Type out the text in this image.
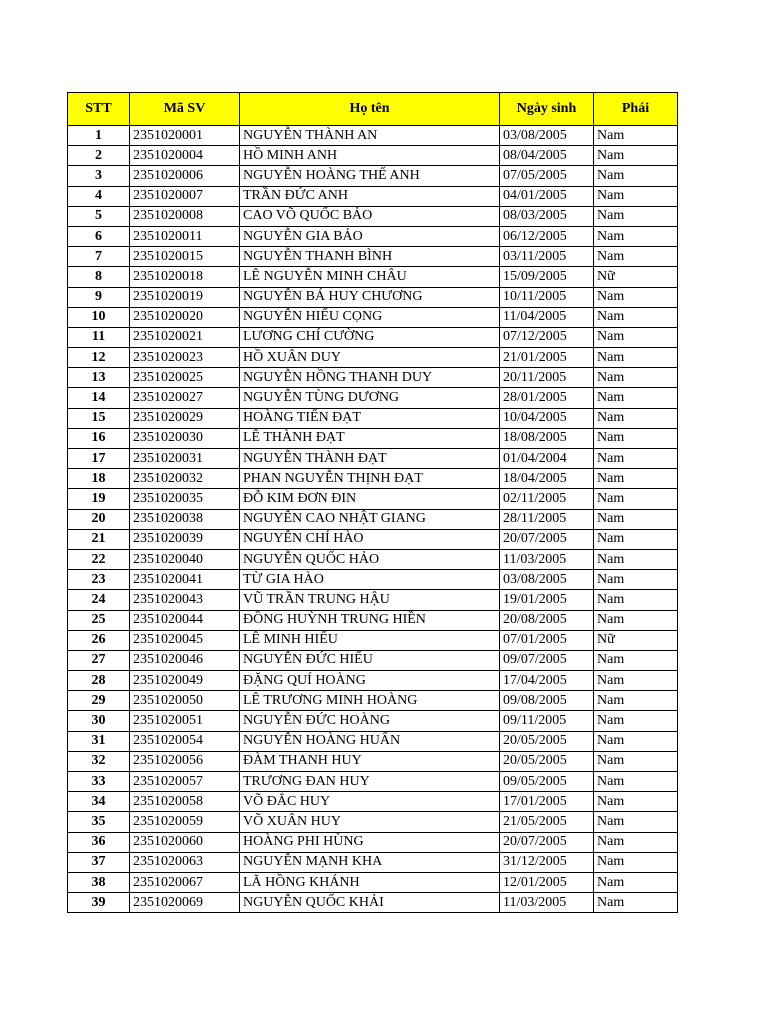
STT	Mã SV	Họ tên	Ngày sinh	Phái
1	2351020001	NGUYỄN THÀNH AN	03/08/2005	Nam
2	2351020004	HỒ MINH ANH	08/04/2005	Nam
3	2351020006	NGUYỄN HOÀNG THẾ ANH	07/05/2005	Nam
4	2351020007	TRẦN ĐỨC ANH	04/01/2005	Nam
5	2351020008	CAO VÕ QUỐC BẢO	08/03/2005	Nam
6	2351020011	NGUYỄN GIA BẢO	06/12/2005	Nam
7	2351020015	NGUYỄN THANH BÌNH	03/11/2005	Nam
8	2351020018	LÊ NGUYỄN MINH CHÂU	15/09/2005	Nữ
9	2351020019	NGUYỄN BÁ HUY CHƯƠNG	10/11/2005	Nam
10	2351020020	NGUYỄN HIẾU CỌNG	11/04/2005	Nam
11	2351020021	LƯƠNG CHÍ CƯỜNG	07/12/2005	Nam
12	2351020023	HỒ XUÂN DUY	21/01/2005	Nam
13	2351020025	NGUYỄN HỒNG THANH DUY	20/11/2005	Nam
14	2351020027	NGUYỄN TÙNG DƯƠNG	28/01/2005	Nam
15	2351020029	HOÀNG TIẾN ĐẠT	10/04/2005	Nam
16	2351020030	LÊ THÀNH ĐẠT	18/08/2005	Nam
17	2351020031	NGUYỄN THÀNH ĐẠT	01/04/2004	Nam
18	2351020032	PHAN NGUYỄN THỊNH ĐẠT	18/04/2005	Nam
19	2351020035	ĐỖ KIM ĐƠN ĐIN	02/11/2005	Nam
20	2351020038	NGUYỄN CAO NHẬT GIANG	28/11/2005	Nam
21	2351020039	NGUYỄN CHÍ HÀO	20/07/2005	Nam
22	2351020040	NGUYỄN QUỐC HẢO	11/03/2005	Nam
23	2351020041	TỪ GIA HÀO	03/08/2005	Nam
24	2351020043	VŨ TRẦN TRUNG HẬU	19/01/2005	Nam
25	2351020044	ĐỒNG HUỲNH TRUNG HIỀN	20/08/2005	Nam
26	2351020045	LÊ MINH HIẾU	07/01/2005	Nữ
27	2351020046	NGUYỄN ĐỨC HIẾU	09/07/2005	Nam
28	2351020049	ĐẶNG QUÍ HOÀNG	17/04/2005	Nam
29	2351020050	LÊ TRƯƠNG MINH HOÀNG	09/08/2005	Nam
30	2351020051	NGUYỄN ĐỨC HOÀNG	09/11/2005	Nam
31	2351020054	NGUYỄN HOÀNG HUẤN	20/05/2005	Nam
32	2351020056	ĐÀM THANH HUY	20/05/2005	Nam
33	2351020057	TRƯƠNG ĐAN HUY	09/05/2005	Nam
34	2351020058	VÕ ĐẮC HUY	17/01/2005	Nam
35	2351020059	VÕ XUÂN HUY	21/05/2005	Nam
36	2351020060	HOÀNG PHI HÙNG	20/07/2005	Nam
37	2351020063	NGUYỄN MẠNH KHA	31/12/2005	Nam
38	2351020067	LÃ HỒNG KHÁNH	12/01/2005	Nam
39	2351020069	NGUYỄN QUỐC KHẢI	11/03/2005	Nam
